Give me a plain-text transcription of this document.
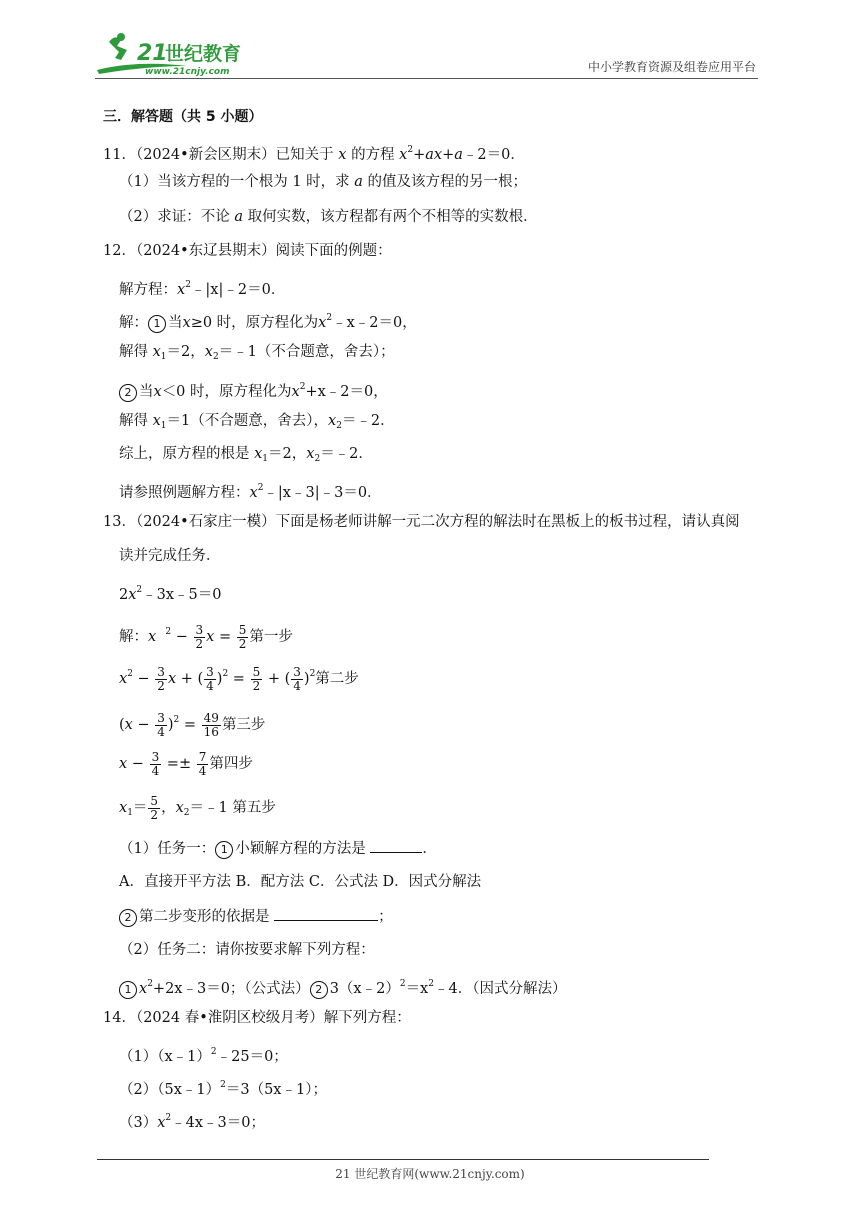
21
世纪教育
www.21cnjy.com	中小学教育资源及组卷应用平台
三．解答题（共 5 小题）
11．（2024•新会区期末）已知关于 x 的方程 $x^2+ax+a﹣2=0$．
（1）当该方程的一个根为 1 时，求 a 的值及该方程的另一根；
（2）求证：不论 a 取何实数，该方程都有两个不相等的实数根．
12．（2024•东辽县期末）阅读下面的例题：
解方程：$x^2﹣|x|﹣2=0$．
解： 1 当x≥0 时，原方程化为$x^2﹣x﹣2=0$，
解得 $x_1=2$，$x_2=﹣1$（不合题意，舍去）；
2 当x＜0 时，原方程化为$x^2+x﹣2=0$，
解得 $x_1=1$（不合题意，舍去），$x_2=﹣2$．
综上，原方程的根是 $x_1=2$，$x_2=﹣2$．
请参照例题解方程：$x^2﹣|x﹣3|﹣3=0$．
13．（2024•石家庄一模）下面是杨老师讲解一元二次方程的解法时在黑板上的板书过程，请认真阅
读并完成任务．
$2x^2﹣3x﹣5=0$
解：x $^2 - \frac{3}{2}$ $x = \frac{5}{2}$ 第一步
$x^2 - \frac{3}{2}$ x + ( $\frac{3}{4} )^2 = \frac{5}{2}$ + ( $\frac{3}{4} )^2$第二步
$(x - \frac{3}{4} )^2 = \frac{49}{16}$ 第三步
$x - \frac{3}{4} =\pm \frac{7}{4}$ 第四步
$x_1= \frac{5}{2}$ ，$x_2=﹣1$ 第五步
（1）任务一： 1 小颖解方程的方法是	．
A．直接开平方法 B．配方法 C．公式法 D．因式分解法
2 第二步变形的依据是	；
（2）任务二：请你按要求解下列方程：
1 $x^2+2x﹣3=0$；（公式法） 2 $3(x﹣2)^2=x^2﹣4$．（因式分解法）
14．（2024 春•淮阴区校级月考）解下列方程：
（1）（x﹣1）$^2$﹣25＝0；
（2）（5x﹣1）$^2$＝3（5x﹣1）；
$(3)x^2﹣4x﹣3=0$；
21 世纪教育网(www.21cnjy.com)
